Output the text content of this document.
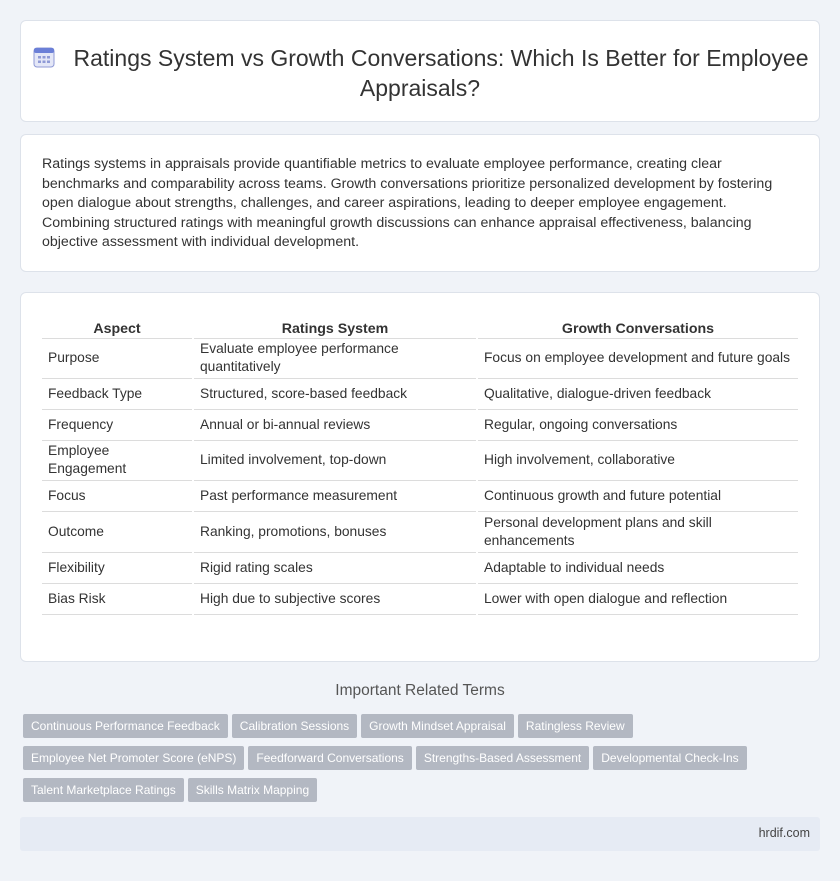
Ratings System vs Growth Conversations: Which Is Better for Employee Appraisals?

Ratings systems in appraisals provide quantifiable metrics to evaluate employee performance, creating clear benchmarks and comparability across teams. Growth conversations prioritize personalized development by fostering open dialogue about strengths, challenges, and career aspirations, leading to deeper employee engagement. Combining structured ratings with meaningful growth discussions can enhance appraisal effectiveness, balancing objective assessment with individual development.

Aspect	Ratings System	Growth Conversations
Purpose	Evaluate employee performance quantitatively	Focus on employee development and future goals
Feedback Type	Structured, score-based feedback	Qualitative, dialogue-driven feedback
Frequency	Annual or bi-annual reviews	Regular, ongoing conversations
Employee Engagement	Limited involvement, top-down	High involvement, collaborative
Focus	Past performance measurement	Continuous growth and future potential
Outcome	Ranking, promotions, bonuses	Personal development plans and skill enhancements
Flexibility	Rigid rating scales	Adaptable to individual needs
Bias Risk	High due to subjective scores	Lower with open dialogue and reflection
Important Related Terms
Continuous Performance Feedback Calibration Sessions Growth Mindset Appraisal Ratingless Review
Employee Net Promoter Score (eNPS) Feedforward Conversations Strengths-Based Assessment Developmental Check-Ins
Talent Marketplace Ratings Skills Matrix Mapping
hrdif.com
